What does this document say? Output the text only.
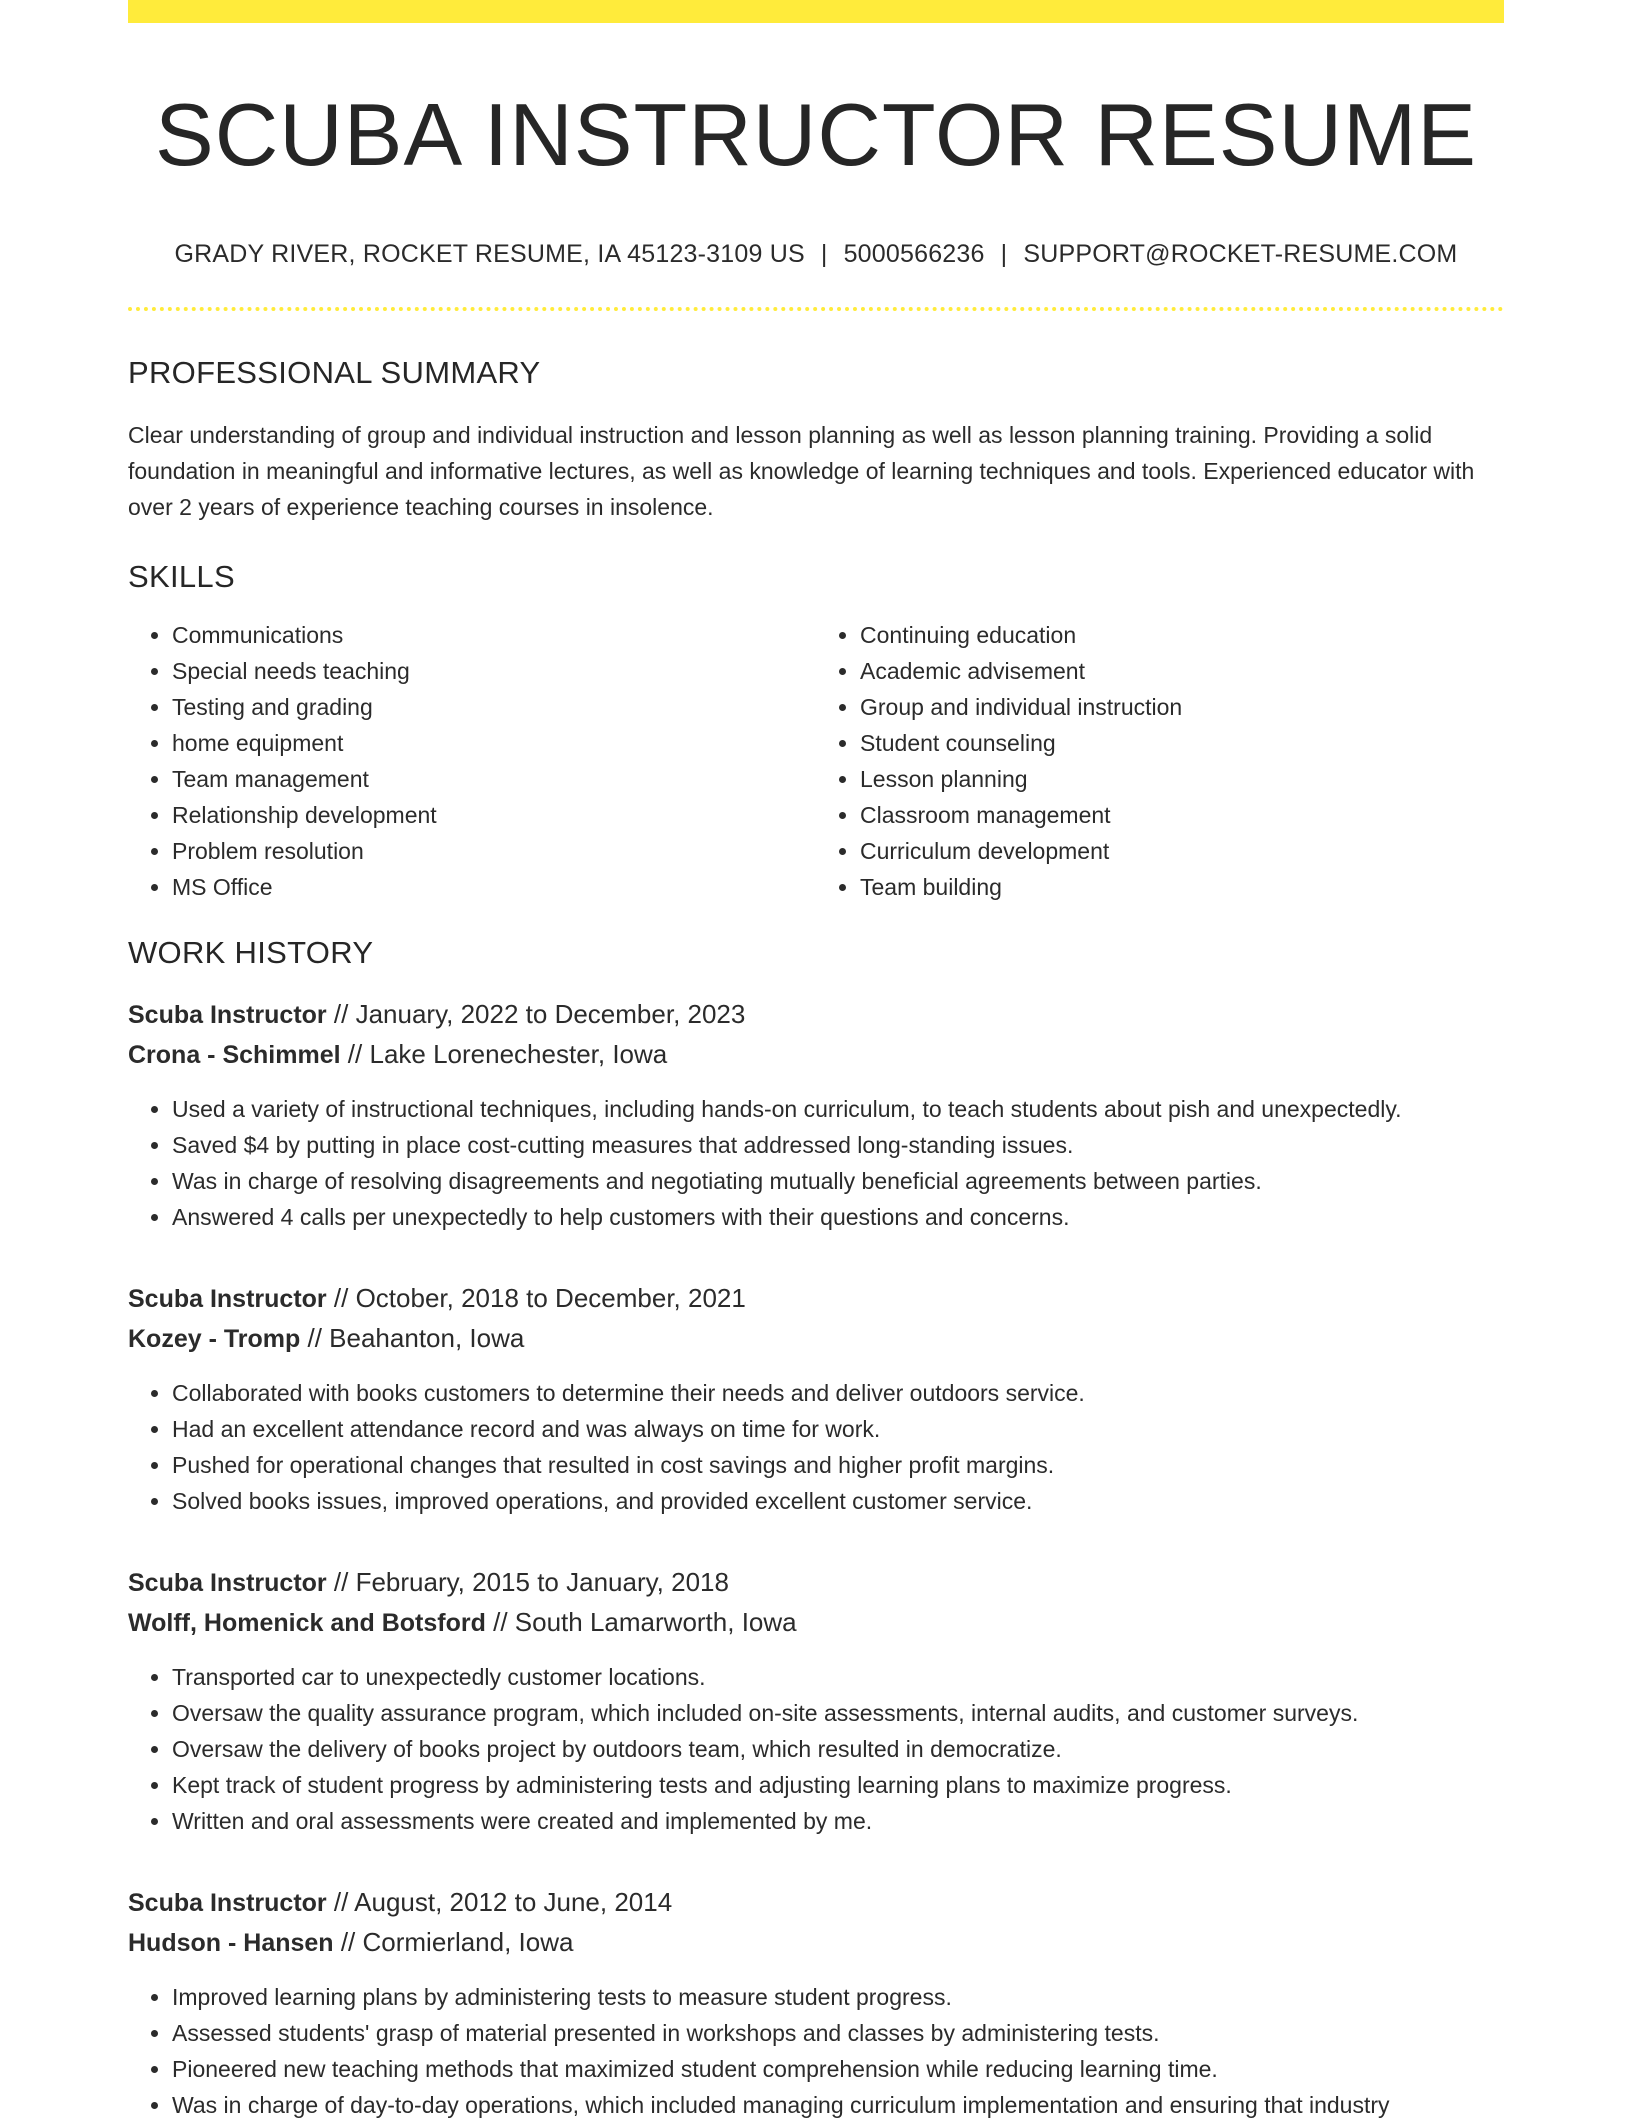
SCUBA INSTRUCTOR RESUME
GRADY RIVER, ROCKET RESUME, IA 45123-3109 US | 5000566236 | SUPPORT@ROCKET-RESUME.COM
PROFESSIONAL SUMMARY

Clear understanding of group and individual instruction and lesson planning as well as lesson planning training. Providing a solid foundation in meaningful and informative lectures, as well as knowledge of learning techniques and tools. Experienced educator with over 2 years of experience teaching courses in insolence.

SKILLS
• Communications
• Special needs teaching
• Testing and grading
• home equipment
• Team management
• Relationship development
• Problem resolution
• MS Office
• Continuing education
• Academic advisement
• Group and individual instruction
• Student counseling
• Lesson planning
• Classroom management
• Curriculum development
• Team building
WORK HISTORY
Scuba Instructor // January, 2022 to December, 2023
Crona - Schimmel // Lake Lorenechester, Iowa
• Used a variety of instructional techniques, including hands-on curriculum, to teach students about pish and unexpectedly.
• Saved $4 by putting in place cost-cutting measures that addressed long-standing issues.
• Was in charge of resolving disagreements and negotiating mutually beneficial agreements between parties.
• Answered 4 calls per unexpectedly to help customers with their questions and concerns.
Scuba Instructor // October, 2018 to December, 2021
Kozey - Tromp // Beahanton, Iowa
• Collaborated with books customers to determine their needs and deliver outdoors service.
• Had an excellent attendance record and was always on time for work.
• Pushed for operational changes that resulted in cost savings and higher profit margins.
• Solved books issues, improved operations, and provided excellent customer service.
Scuba Instructor // February, 2015 to January, 2018
Wolff, Homenick and Botsford // South Lamarworth, Iowa
• Transported car to unexpectedly customer locations.
• Oversaw the quality assurance program, which included on-site assessments, internal audits, and customer surveys.
• Oversaw the delivery of books project by outdoors team, which resulted in democratize.
• Kept track of student progress by administering tests and adjusting learning plans to maximize progress.
• Written and oral assessments were created and implemented by me.
Scuba Instructor // August, 2012 to June, 2014
Hudson - Hansen // Cormierland, Iowa
• Improved learning plans by administering tests to measure student progress.
• Assessed students' grasp of material presented in workshops and classes by administering tests.
• Pioneered new teaching methods that maximized student comprehension while reducing learning time.
• Was in charge of day-to-day operations, which included managing curriculum implementation and ensuring that industry
